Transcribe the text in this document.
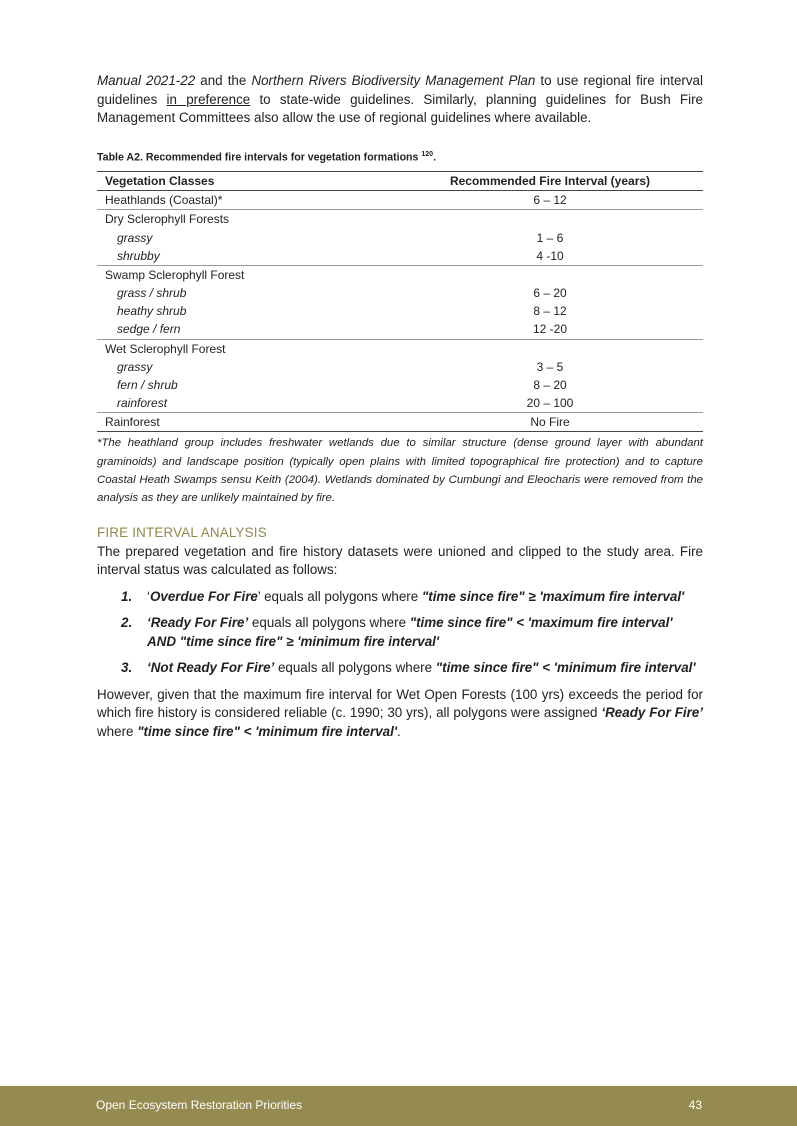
Manual 2021-22 and the Northern Rivers Biodiversity Management Plan to use regional fire interval guidelines in preference to state-wide guidelines. Similarly, planning guidelines for Bush Fire Management Committees also allow the use of regional guidelines where available.

Table A2. Recommended fire intervals for vegetation formations $^{120}$.
Vegetation Classes	Recommended Fire Interval (years)
Heathlands (Coastal)*	6 – 12
Dry Sclerophyll Forests	
grassy	1 – 6
shrubby	4 -10
Swamp Sclerophyll Forest	
grass / shrub	6 – 20
heathy shrub	8 – 12
sedge / fern	12 -20
Wet Sclerophyll Forest	
grassy	3 – 5
fern / shrub	8 – 20
rainforest	20 – 100
Rainforest	No Fire

*The heathland group includes freshwater wetlands due to similar structure (dense ground layer with abundant graminoids) and landscape position (typically open plains with limited topographical fire protection) and to capture Coastal Heath Swamps sensu Keith (2004). Wetlands dominated by Cumbungi and Eleocharis were removed from the analysis as they are unlikely maintained by fire.

FIRE INTERVAL ANALYSIS

The prepared vegetation and fire history datasets were unioned and clipped to the study area. Fire interval status was calculated as follows:

1. ‘Overdue For Fire’ equals all polygons where "time since fire" ≥ 'maximum fire interval'
2. ‘Ready For Fire’ equals all polygons where "time since fire" < 'maximum fire interval' AND "time since fire" ≥ 'minimum fire interval'
3. ‘Not Ready For Fire’ equals all polygons where "time since fire" < 'minimum fire interval'

However, given that the maximum fire interval for Wet Open Forests (100 yrs) exceeds the period for which fire history is considered reliable (c. 1990; 30 yrs), all polygons were assigned ‘Ready For Fire’ where "time since fire" < 'minimum fire interval'.

Open Ecosystem Restoration Priorities	43
